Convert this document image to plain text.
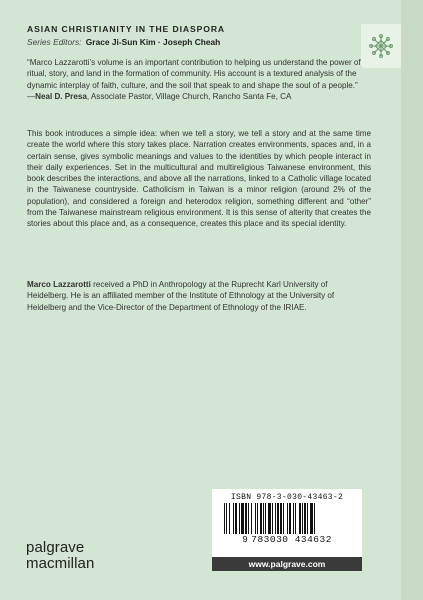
ASIAN CHRISTIANITY IN THE DIASPORA
Series Editors: Grace Ji-Sun Kim · Joseph Cheah

“Marco Lazzarotti’s volume is an important contribution to helping us understand the power of ritual, story, and land in the formation of community. His account is a textured analysis of the dynamic interplay of faith, culture, and the soil that speak to and shape the soul of a people.”

—Neal D. Presa, Associate Pastor, Village Church, Rancho Santa Fe, CA

This book introduces a simple idea: when we tell a story, we tell a story and at the same time create the world where this story takes place. Narration creates environments, spaces and, in a certain sense, gives symbolic meanings and values to the identities by which people interact in their daily experiences. Set in the multicultural and multireligious Taiwanese environment, this book describes the interactions, and above all the narrations, linked to a Catholic village located in the Taiwanese countryside. Catholicism in Taiwan is a minor religion (around 2% of the population), and considered a foreign and heterodox religion, something different and “other” from the Taiwanese mainstream religious environment. It is this sense of alterity that creates the stories about this place and, as a consequence, creates this place and its special identity.
Marco Lazzarotti received a PhD in Anthropology at the Ruprecht Karl University of Heidelberg. He is an affiliated member of the Institute of Ethnology at the University of Heidelberg and the Vice-Director of the Department of Ethnology of the IRIAE.
ISBN 978-3-030-43463-2
9 783030 434632
www.palgrave.com
palgrave
macmillan
